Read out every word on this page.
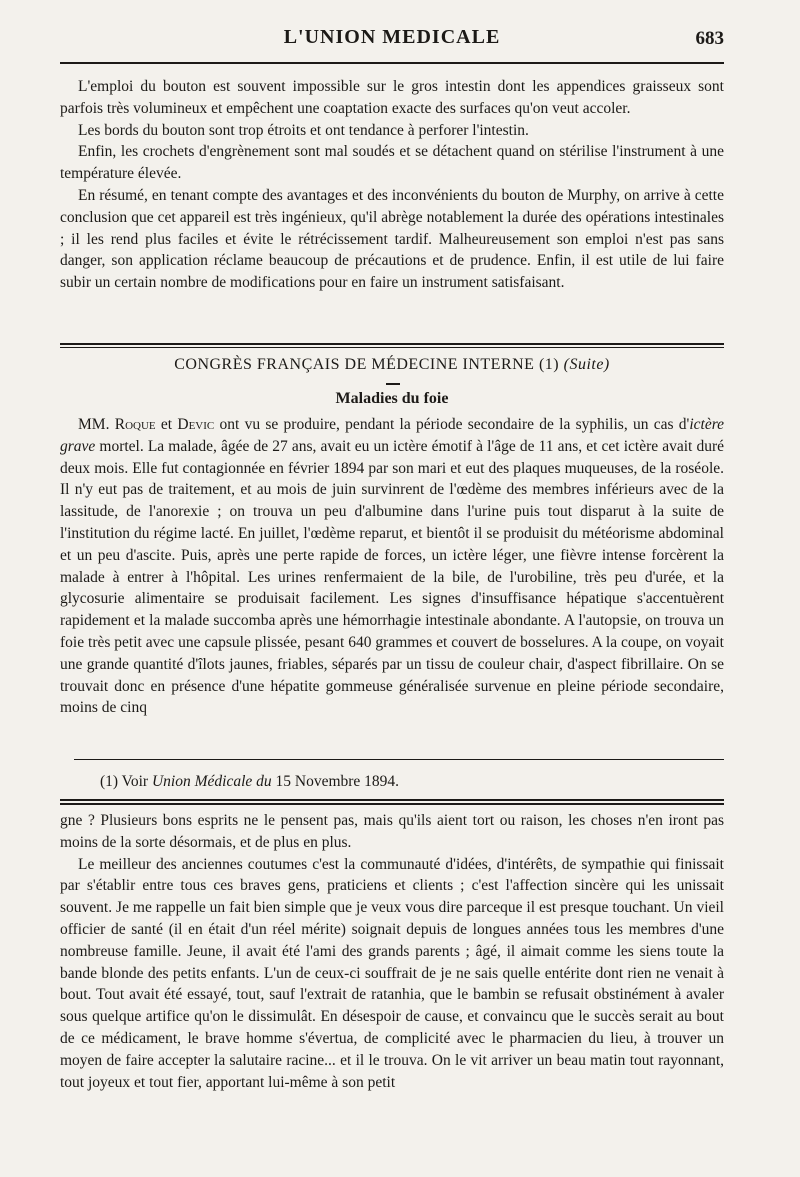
L'UNION MEDICALE	683

L'emploi du bouton est souvent impossible sur le gros intestin dont les appendices graisseux sont parfois très volumineux et empêchent une coaptation exacte des surfaces qu'on veut accoler.

Les bords du bouton sont trop étroits et ont tendance à perforer l'intestin.

Enfin, les crochets d'engrènement sont mal soudés et se détachent quand on stérilise l'instrument à une température élevée.

En résumé, en tenant compte des avantages et des inconvénients du bouton de Murphy, on arrive à cette conclusion que cet appareil est très ingénieux, qu'il abrège notablement la durée des opérations intestinales ; il les rend plus faciles et évite le rétrécissement tardif. Malheureusement son emploi n'est pas sans danger, son application réclame beaucoup de précautions et de prudence. Enfin, il est utile de lui faire subir un certain nombre de modifications pour en faire un instrument satisfaisant.

CONGRÈS FRANÇAIS DE MÉDECINE INTERNE (1) (Suite)
Maladies du foie

MM. Roque et Devic ont vu se produire, pendant la période secondaire de la syphilis, un cas d'ictère grave mortel. La malade, âgée de 27 ans, avait eu un ictère émotif à l'âge de 11 ans, et cet ictère avait duré deux mois. Elle fut contagionnée en février 1894 par son mari et eut des plaques muqueuses, de la roséole. Il n'y eut pas de traitement, et au mois de juin survinrent de l'œdème des membres inférieurs avec de la lassitude, de l'anorexie ; on trouva un peu d'albumine dans l'urine puis tout disparut à la suite de l'institution du régime lacté. En juillet, l'œdème reparut, et bientôt il se produisit du météorisme abdominal et un peu d'ascite. Puis, après une perte rapide de forces, un ictère léger, une fièvre intense forcèrent la malade à entrer à l'hôpital. Les urines renfermaient de la bile, de l'urobiline, très peu d'urée, et la glycosurie alimentaire se produisait facilement. Les signes d'insuffisance hépatique s'accentuèrent rapidement et la malade succomba après une hémorrhagie intestinale abondante. A l'autopsie, on trouva un foie très petit avec une capsule plissée, pesant 640 grammes et couvert de bosselures. A la coupe, on voyait une grande quantité d'îlots jaunes, friables, séparés par un tissu de couleur chair, d'aspect fibrillaire. On se trouvait donc en présence d'une hépatite gommeuse généralisée survenue en pleine période secondaire, moins de cinq

(1) Voir Union Médicale du 15 Novembre 1894.

gne ? Plusieurs bons esprits ne le pensent pas, mais qu'ils aient tort ou raison, les choses n'en iront pas moins de la sorte désormais, et de plus en plus.

Le meilleur des anciennes coutumes c'est la communauté d'idées, d'intérêts, de sympathie qui finissait par s'établir entre tous ces braves gens, praticiens et clients ; c'est l'affection sincère qui les unissait souvent. Je me rappelle un fait bien simple que je veux vous dire parceque il est presque touchant. Un vieil officier de santé (il en était d'un réel mérite) soignait depuis de longues années tous les membres d'une nombreuse famille. Jeune, il avait été l'ami des grands parents ; âgé, il aimait comme les siens toute la bande blonde des petits enfants. L'un de ceux-ci souffrait de je ne sais quelle entérite dont rien ne venait à bout. Tout avait été essayé, tout, sauf l'extrait de ratanhia, que le bambin se refusait obstinément à avaler sous quelque artifice qu'on le dissimulât. En désespoir de cause, et convaincu que le succès serait au bout de ce médicament, le brave homme s'évertua, de complicité avec le pharmacien du lieu, à trouver un moyen de faire accepter la salutaire racine... et il le trouva. On le vit arriver un beau matin tout rayonnant, tout joyeux et tout fier, apportant lui-même à son petit
